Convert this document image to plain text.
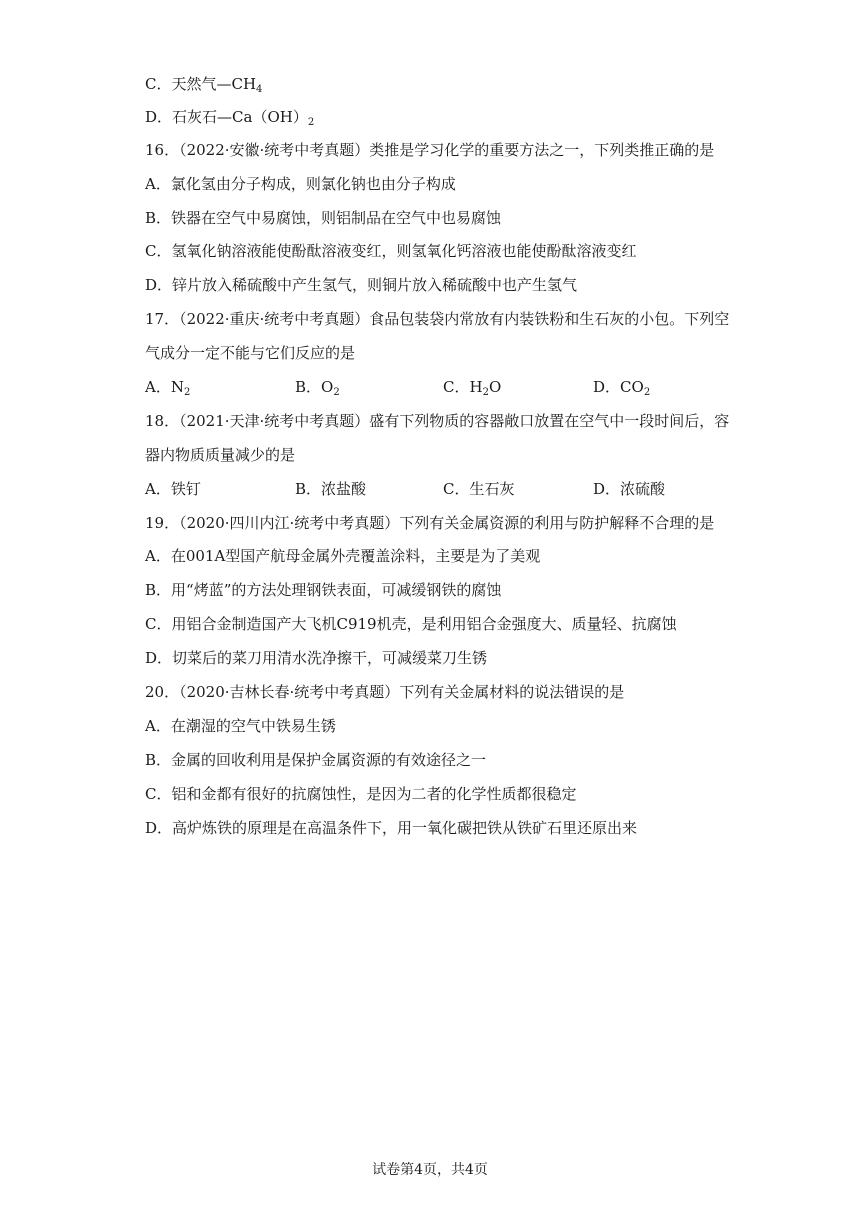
C．天然气$—CH_4$
D．石灰石$—Ca(OH)_2$
16．（2022·安徽·统考中考真题）类推是学习化学的重要方法之一，下列类推正确的是
A．氯化氢由分子构成，则氯化钠也由分子构成
B．铁器在空气中易腐蚀，则铝制品在空气中也易腐蚀
C．氢氧化钠溶液能使酚酞溶液变红，则氢氧化钙溶液也能使酚酞溶液变红
D．锌片放入稀硫酸中产生氢气，则铜片放入稀硫酸中也产生氢气
17．（2022·重庆·统考中考真题）食品包装袋内常放有内装铁粉和生石灰的小包。下列空
气成分一定不能与它们反应的是
A．$N_2$	B．$O_2$	C．$H_2O$	D．$CO_2$
18．（2021·天津·统考中考真题）盛有下列物质的容器敞口放置在空气中一段时间后，容
器内物质质量减少的是
A．铁钉	B．浓盐酸	C．生石灰	D．浓硫酸
19．（2020·四川内江·统考中考真题）下列有关金属资源的利用与防护解释不合理的是
A．在001A型国产航母金属外壳覆盖涂料，主要是为了美观
B．用“烤蓝”的方法处理钢铁表面，可减缓钢铁的腐蚀
C．用铝合金制造国产大飞机C919机壳，是利用铝合金强度大、质量轻、抗腐蚀
D．切菜后的菜刀用清水洗净擦干，可减缓菜刀生锈
20．（2020·吉林长春·统考中考真题）下列有关金属材料的说法错误的是
A．在潮湿的空气中铁易生锈
B．金属的回收利用是保护金属资源的有效途径之一
C．铝和金都有很好的抗腐蚀性，是因为二者的化学性质都很稳定
D．高炉炼铁的原理是在高温条件下，用一氧化碳把铁从铁矿石里还原出来
试卷第4页，共4页
